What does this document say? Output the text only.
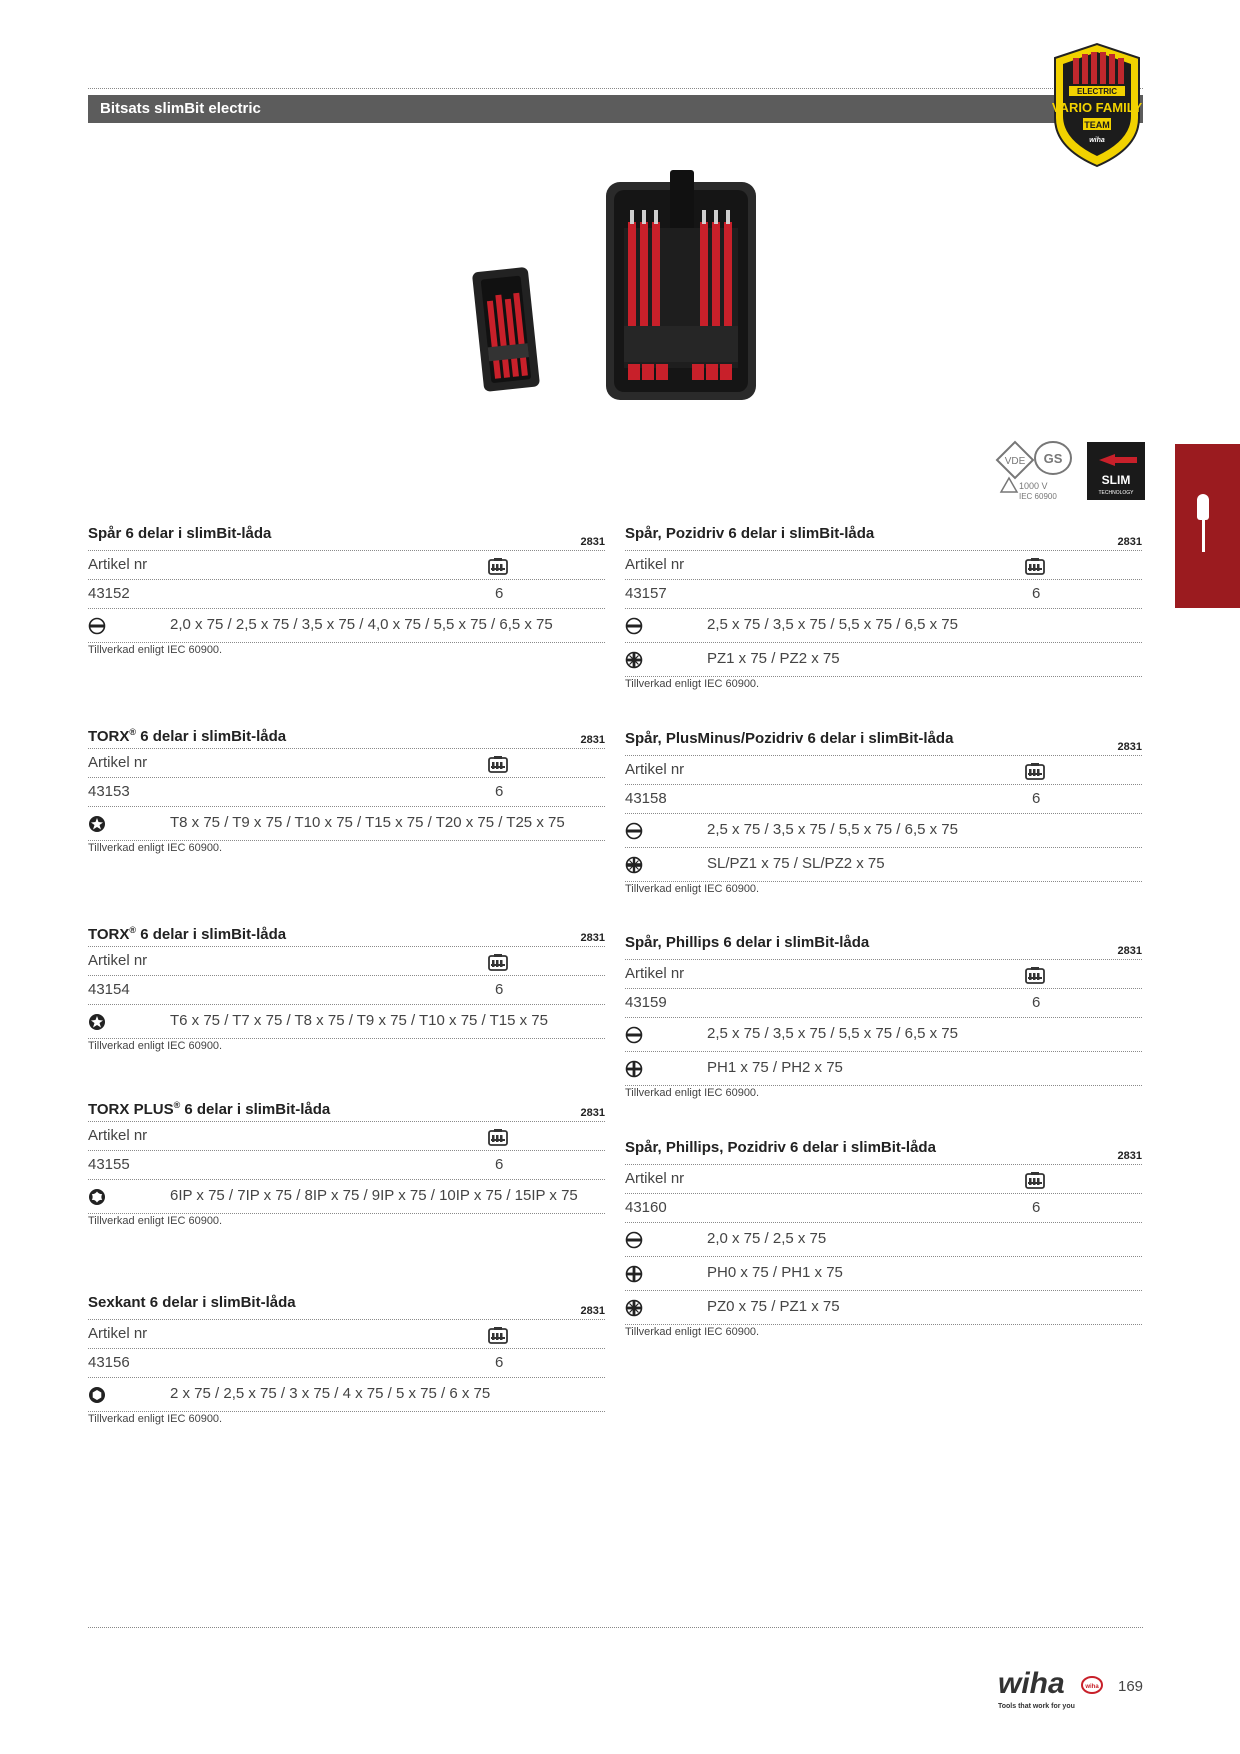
Bitsats slimBit electric
ELECTRIC
VARIO FAMILY
TEAM
wiha
VDE GS
1000 V
IEC 60900
SLIM
TECHNOLOGY
wiha	wiha
Tools that work for you
169
Spår 6 delar i slimBit-låda	2831
Artikel nr
43152	6
2,0 x 75 / 2,5 x 75 / 3,5 x 75 / 4,0 x 75 / 5,5 x 75 / 6,5 x 75
Tillverkad enligt IEC 60900.
TORX® 6 delar i slimBit-låda	2831
Artikel nr
43153	6
T8 x 75 / T9 x 75 / T10 x 75 / T15 x 75 / T20 x 75 / T25 x 75
Tillverkad enligt IEC 60900.
TORX® 6 delar i slimBit-låda	2831
Artikel nr
43154	6
T6 x 75 / T7 x 75 / T8 x 75 / T9 x 75 / T10 x 75 / T15 x 75
Tillverkad enligt IEC 60900.
TORX PLUS® 6 delar i slimBit-låda	2831
Artikel nr
43155	6
6IP x 75 / 7IP x 75 / 8IP x 75 / 9IP x 75 / 10IP x 75 / 15IP x 75
Tillverkad enligt IEC 60900.
Sexkant 6 delar i slimBit-låda	2831
Artikel nr
43156	6
2 x 75 / 2,5 x 75 / 3 x 75 / 4 x 75 / 5 x 75 / 6 x 75
Tillverkad enligt IEC 60900.
Spår, Pozidriv 6 delar i slimBit-låda	2831
Artikel nr
43157	6
2,5 x 75 / 3,5 x 75 / 5,5 x 75 / 6,5 x 75
PZ1 x 75 / PZ2 x 75
Tillverkad enligt IEC 60900.
Spår, PlusMinus/Pozidriv 6 delar i slimBit-låda	2831
Artikel nr
43158	6
2,5 x 75 / 3,5 x 75 / 5,5 x 75 / 6,5 x 75
SL/PZ1 x 75 / SL/PZ2 x 75
Tillverkad enligt IEC 60900.
Spår, Phillips 6 delar i slimBit-låda	2831
Artikel nr
43159	6
2,5 x 75 / 3,5 x 75 / 5,5 x 75 / 6,5 x 75
PH1 x 75 / PH2 x 75
Tillverkad enligt IEC 60900.
Spår, Phillips, Pozidriv 6 delar i slimBit-låda	2831
Artikel nr
43160	6
2,0 x 75 / 2,5 x 75
PH0 x 75 / PH1 x 75
PZ0 x 75 / PZ1 x 75
Tillverkad enligt IEC 60900.
